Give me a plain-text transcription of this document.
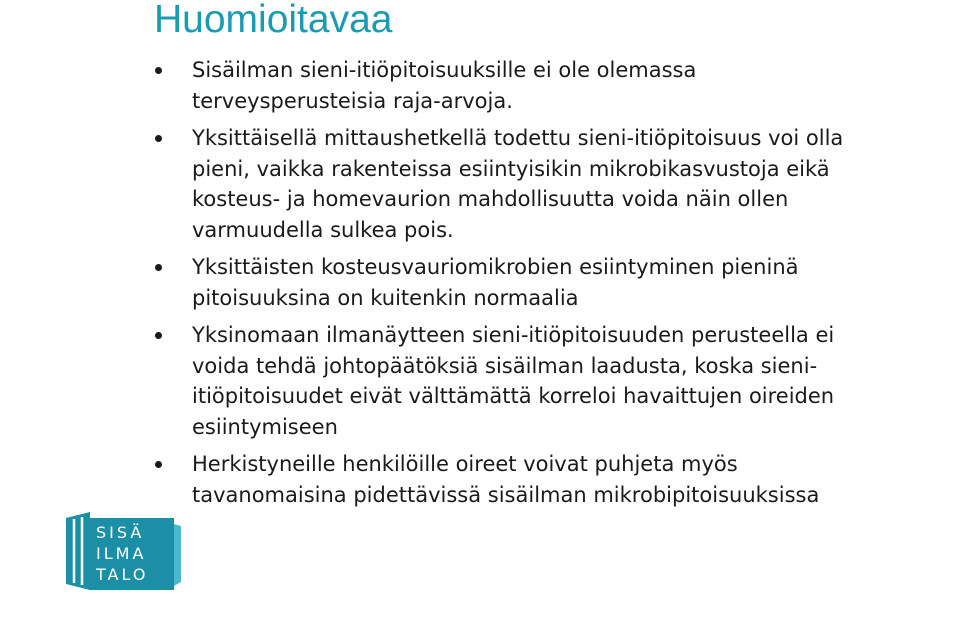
Huomioitavaa
Sisäilman sieni-itiöpitoisuuksille ei ole olemassa terveysperusteisia raja-arvoja.
Yksittäisellä mittaushetkellä todettu sieni-itiöpitoisuus voi olla pieni, vaikka rakenteissa esiintyisikin mikrobikasvustoja eikä kosteus- ja homevaurion mahdollisuutta voida näin ollen varmuudella sulkea pois.
Yksittäisten kosteusvauriomikrobien esiintyminen pieninä pitoisuuksina on kuitenkin normaalia
Yksinomaan ilmanäytteen sieni-itiöpitoisuuden perusteella ei voida tehdä johtopäätöksiä sisäilman laadusta, koska sieni-itiöpitoisuudet eivät välttämättä korreloi havaittujen oireiden esiintymiseen
Herkistyneille henkilöille oireet voivat puhjeta myös tavanomaisina pidettävissä sisäilman mikrobipitoisuuksissa
SISÄ
ILMA
TALO
